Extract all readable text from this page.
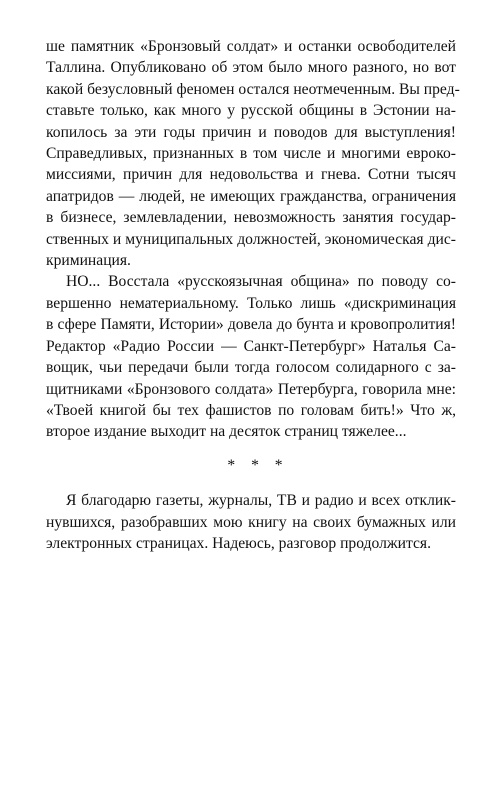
ше памятник «Бронзовый солдат» и останки освободителей
Таллина. Опубликовано об этом было много разного, но вот
какой безусловный феномен остался неотмеченным. Вы пред-
ставьте только, как много у русской общины в Эстонии на-
копилось за эти годы причин и поводов для выступления!
Справедливых, признанных в том числе и многими еврoко-
миссиями, причин для недовольства и гнева. Сотни тысяч
апатридов — людей, не имеющих гражданства, ограничения
в бизнесе, землевладении, невозможность занятия государ-
ственных и муниципальных должностей, экономическая дис-
криминация.
НО... Восстала «русскоязычная община» по поводу со-
вершенно нематериальному. Только лишь «дискриминация
в сфере Памяти, Истории» довела до бунта и кровопролития!
Редактор «Радио России — Санкт-Петербург» Наталья Са-
вощик, чьи передачи были тогда голосом солидарного с за-
щитниками «Бронзового солдата» Петербурга, говорила мне:
«Твоей книгой бы тех фашистов по головам бить!» Что ж,
второе издание выходит на десяток страниц тяжелее...
* * *
Я благодарю газеты, журналы, ТВ и радио и всех отклик-
нувшихся, разобравших мою книгу на своих бумажных или
электронных страницах. Надеюсь, разговор продолжится.
